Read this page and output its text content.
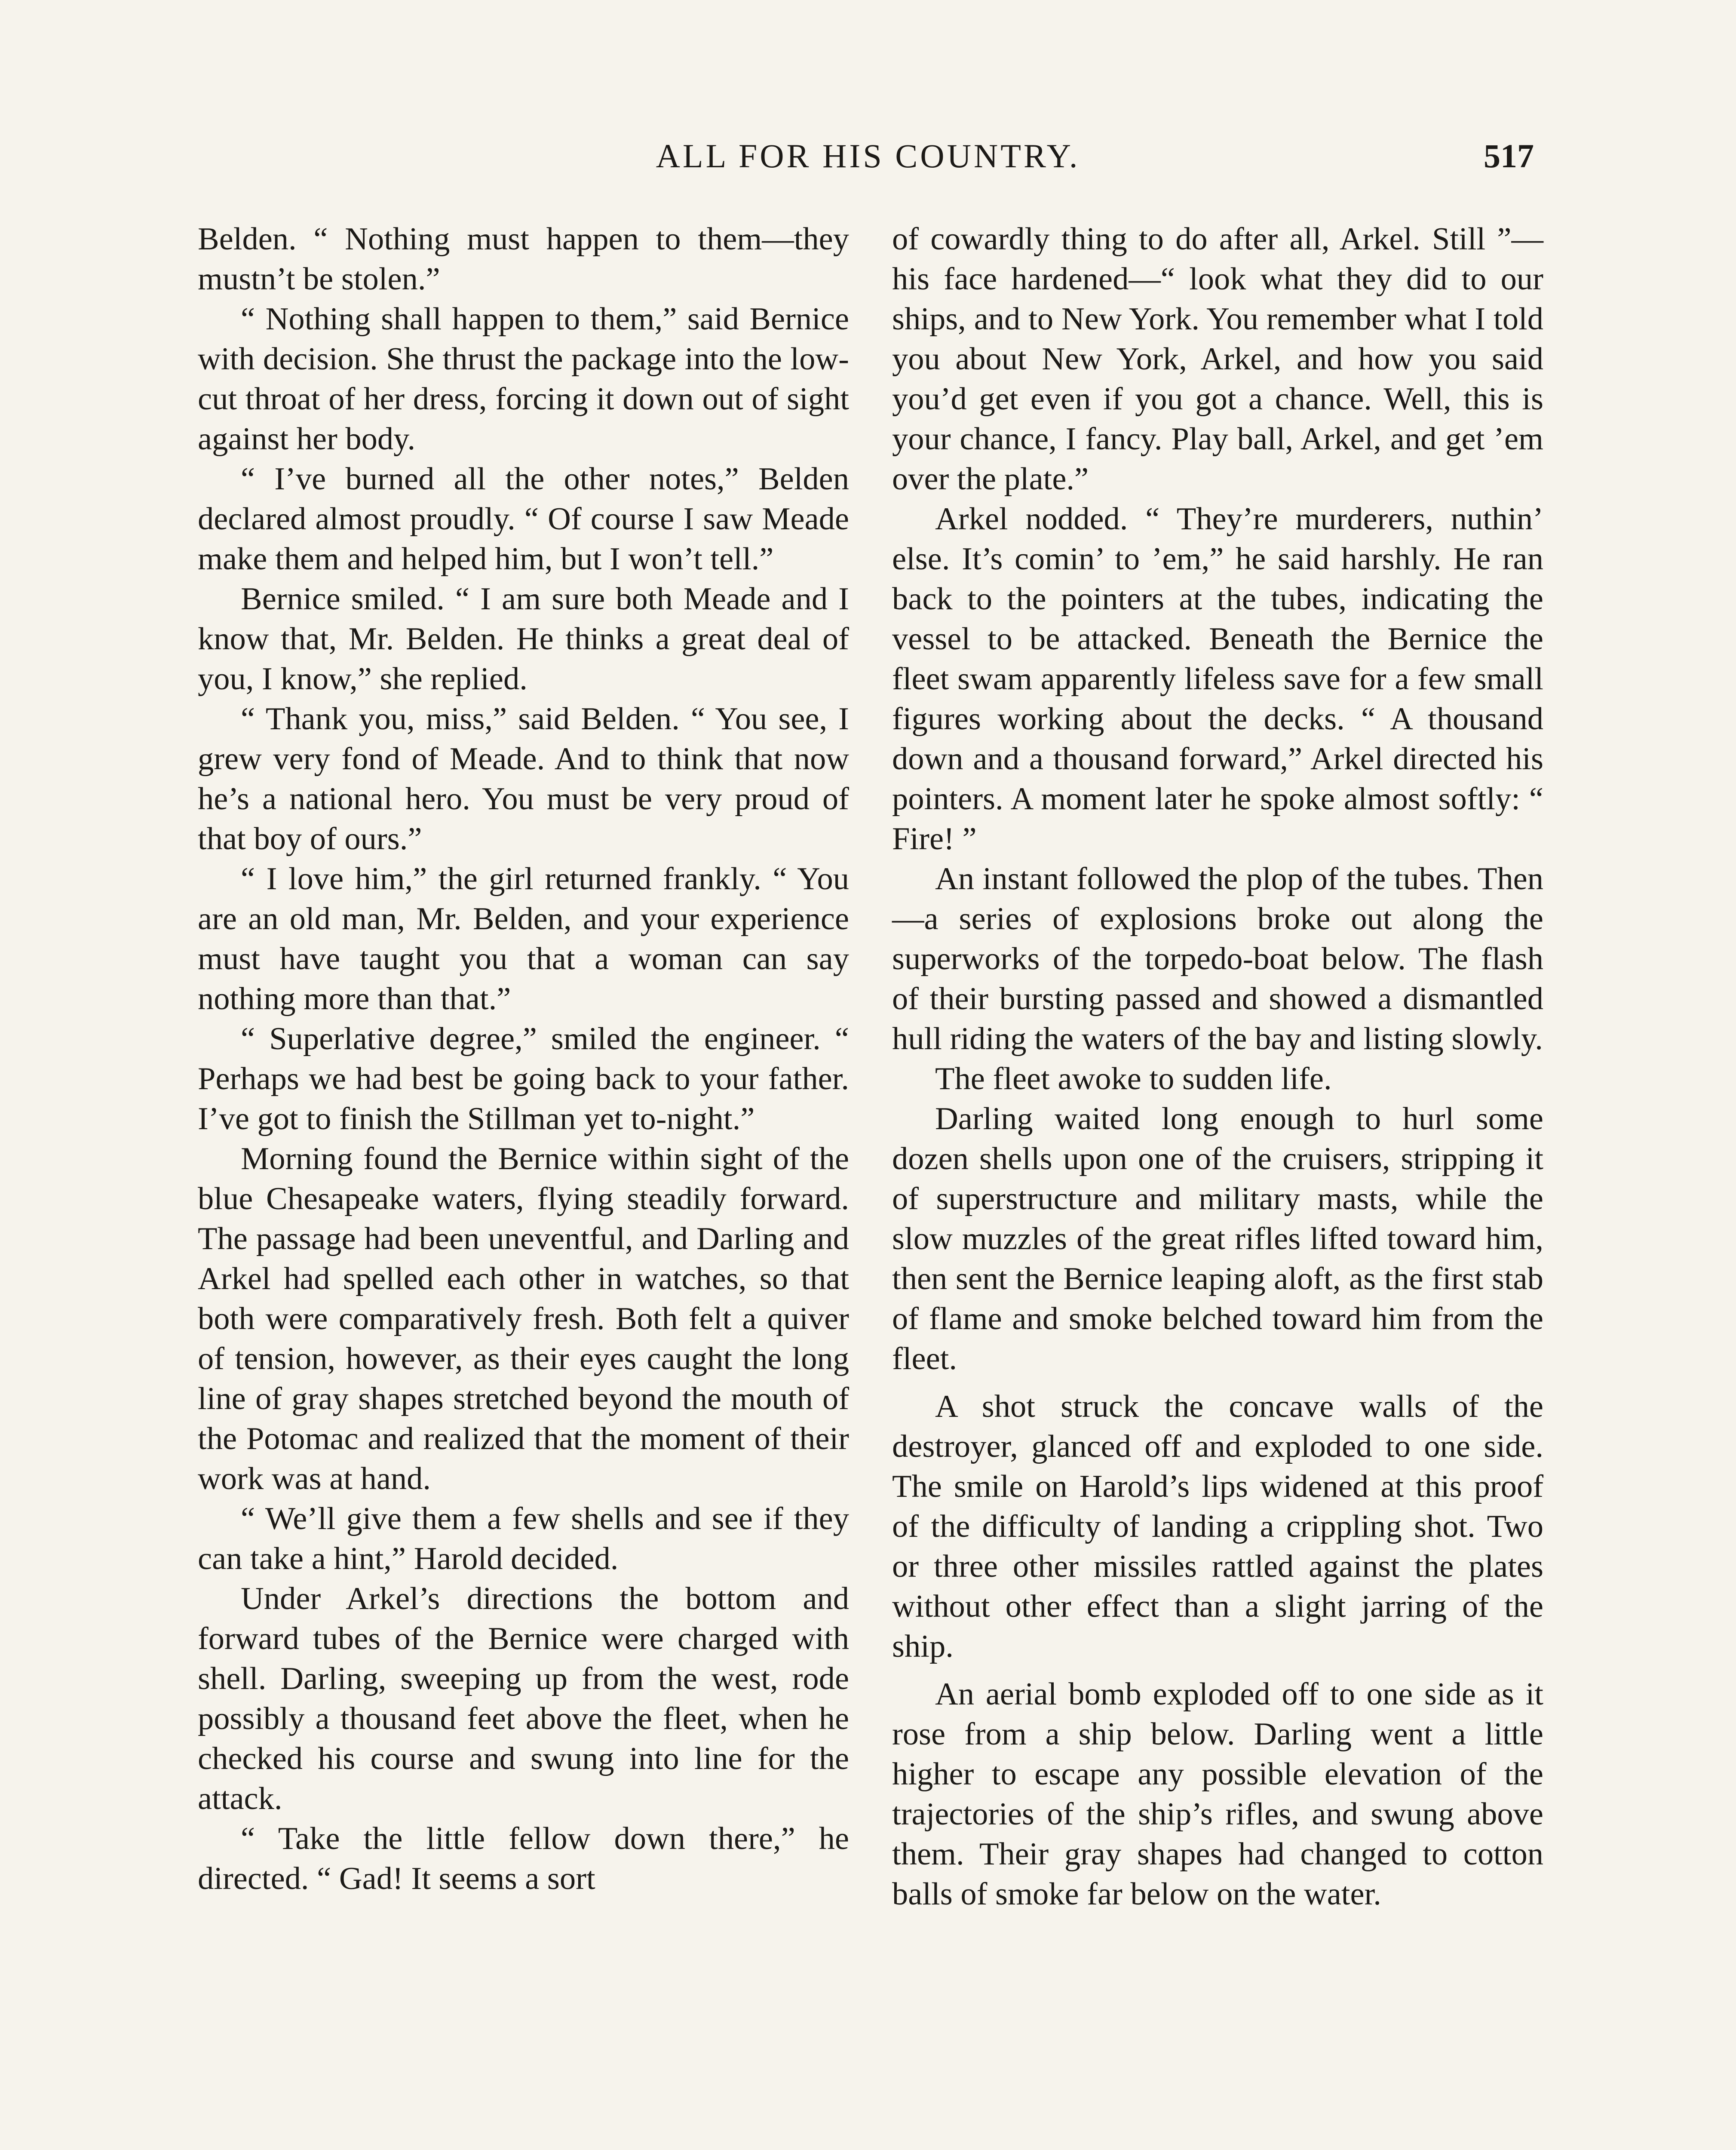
ALL FOR HIS COUNTRY.	517

Belden. “ Nothing must happen to them—they mustn’t be stolen.”

“ Nothing shall happen to them,” said Bernice with decision. She thrust the package into the low-cut throat of her dress, forcing it down out of sight against her body.

“ I’ve burned all the other notes,” Belden declared almost proudly. “ Of course I saw Meade make them and helped him, but I won’t tell.”

Bernice smiled. “ I am sure both Meade and I know that, Mr. Belden. He thinks a great deal of you, I know,” she replied.

“ Thank you, miss,” said Belden. “ You see, I grew very fond of Meade. And to think that now he’s a national hero. You must be very proud of that boy of ours.”

“ I love him,” the girl returned frankly. “ You are an old man, Mr. Belden, and your experience must have taught you that a woman can say nothing more than that.”

“ Superlative degree,” smiled the engineer. “ Perhaps we had best be going back to your father. I’ve got to finish the Stillman yet to-night.”

Morning found the Bernice within sight of the blue Chesapeake waters, flying steadily forward. The passage had been uneventful, and Darling and Arkel had spelled each other in watches, so that both were comparatively fresh. Both felt a quiver of tension, however, as their eyes caught the long line of gray shapes stretched beyond the mouth of the Potomac and realized that the moment of their work was at hand.

“ We’ll give them a few shells and see if they can take a hint,” Harold decided.

Under Arkel’s directions the bottom and forward tubes of the Bernice were charged with shell. Darling, sweeping up from the west, rode possibly a thousand feet above the fleet, when he checked his course and swung into line for the attack.

“ Take the little fellow down there,” he directed. “ Gad! It seems a sort

of cowardly thing to do after all, Arkel. Still ”—his face hardened—“ look what they did to our ships, and to New York. You remember what I told you about New York, Arkel, and how you said you’d get even if you got a chance. Well, this is your chance, I fancy. Play ball, Arkel, and get ’em over the plate.”

Arkel nodded. “ They’re murderers, nuthin’ else. It’s comin’ to ’em,” he said harshly. He ran back to the pointers at the tubes, indicating the vessel to be attacked. Beneath the Bernice the fleet swam apparently lifeless save for a few small figures working about the decks. “ A thousand down and a thousand forward,” Arkel directed his pointers. A moment later he spoke almost softly: “ Fire! ”

An instant followed the plop of the tubes. Then—a series of explosions broke out along the superworks of the torpedo-boat below. The flash of their bursting passed and showed a dismantled hull riding the waters of the bay and listing slowly.

The fleet awoke to sudden life.

Darling waited long enough to hurl some dozen shells upon one of the cruisers, stripping it of superstructure and military masts, while the slow muzzles of the great rifles lifted toward him, then sent the Bernice leaping aloft, as the first stab of flame and smoke belched toward him from the fleet.

A shot struck the concave walls of the destroyer, glanced off and exploded to one side. The smile on Harold’s lips widened at this proof of the difficulty of landing a crippling shot. Two or three other missiles rattled against the plates without other effect than a slight jarring of the ship.

An aerial bomb exploded off to one side as it rose from a ship below. Darling went a little higher to escape any possible elevation of the trajectories of the ship’s rifles, and swung above them. Their gray shapes had changed to cotton balls of smoke far below on the water.
